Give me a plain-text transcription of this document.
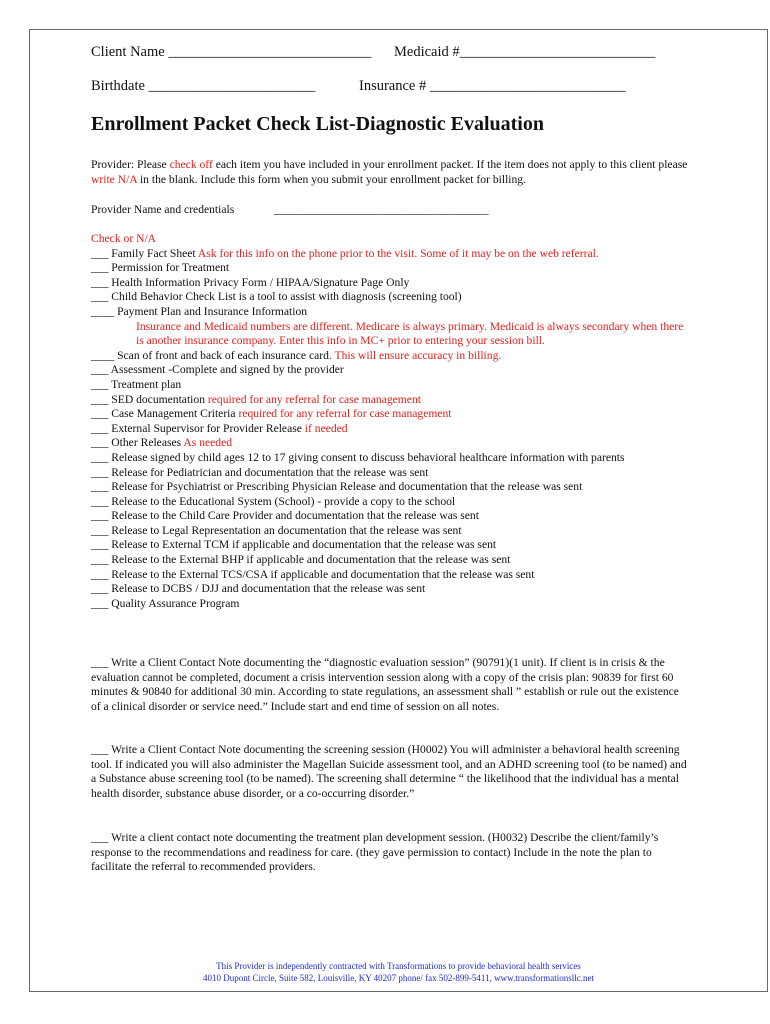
Client Name ____________________________ Medicaid #___________________________
Birthdate _______________________	Insurance # ___________________________
Enrollment Packet Check List-Diagnostic Evaluation
Provider: Please check off each item you have included in your enrollment packet. If the item does not apply to this client please write N/A in the blank. Include this form when you submit your enrollment packet for billing.
Provider Name and credentials	_____________________________________
Check or N/A
___ Family Fact Sheet Ask for this info on the phone prior to the visit. Some of it may be on the web referral.
___ Permission for Treatment
___ Health Information Privacy Form / HIPAA/Signature Page Only
___ Child Behavior Check List is a tool to assist with diagnosis (screening tool)
____ Payment Plan and Insurance Information
Insurance and Medicaid numbers are different. Medicare is always primary. Medicaid is always secondary when there is another insurance company. Enter this info in MC+ prior to entering your session bill.
____ Scan of front and back of each insurance card. This will ensure accuracy in billing.
___ Assessment -Complete and signed by the provider
___ Treatment plan
___ SED documentation required for any referral for case management
___ Case Management Criteria required for any referral for case management
___ External Supervisor for Provider Release if needed
___ Other Releases As needed
___ Release signed by child ages 12 to 17 giving consent to discuss behavioral healthcare information with parents
___ Release for Pediatrician and documentation that the release was sent
___ Release for Psychiatrist or Prescribing Physician Release and documentation that the release was sent
___ Release to the Educational System (School) - provide a copy to the school
___ Release to the Child Care Provider and documentation that the release was sent
___ Release to Legal Representation an documentation that the release was sent
___ Release to External TCM if applicable and documentation that the release was sent
___ Release to the External BHP if applicable and documentation that the release was sent
___ Release to the External TCS/CSA if applicable and documentation that the release was sent
___ Release to DCBS / DJJ and documentation that the release was sent
___ Quality Assurance Program
___ Write a Client Contact Note documenting the “diagnostic evaluation session” (90791)(1 unit). If client is in crisis & the evaluation cannot be completed, document a crisis intervention session along with a copy of the crisis plan: 90839 for first 60 minutes & 90840 for additional 30 min. According to state regulations, an assessment shall ” establish or rule out the existence of a clinical disorder or service need.” Include start and end time of session on all notes.
___ Write a Client Contact Note documenting the screening session (H0002) You will administer a behavioral health screening tool. If indicated you will also administer the Magellan Suicide assessment tool, and an ADHD screening tool (to be named) and a Substance abuse screening tool (to be named). The screening shall determine “ the likelihood that the individual has a mental health disorder, substance abuse disorder, or a co-occurring disorder.”
___ Write a client contact note documenting the treatment plan development session. (H0032) Describe the client/family’s response to the recommendations and readiness for care. (they gave permission to contact) Include in the note the plan to facilitate the referral to recommended providers.
This Provider is independently contracted with Transformations to provide behavioral health services
4010 Dupont Circle, Suite 582, Louisville, KY 40207 phone/ fax 502-899-5411, www.transformationsllc.net
